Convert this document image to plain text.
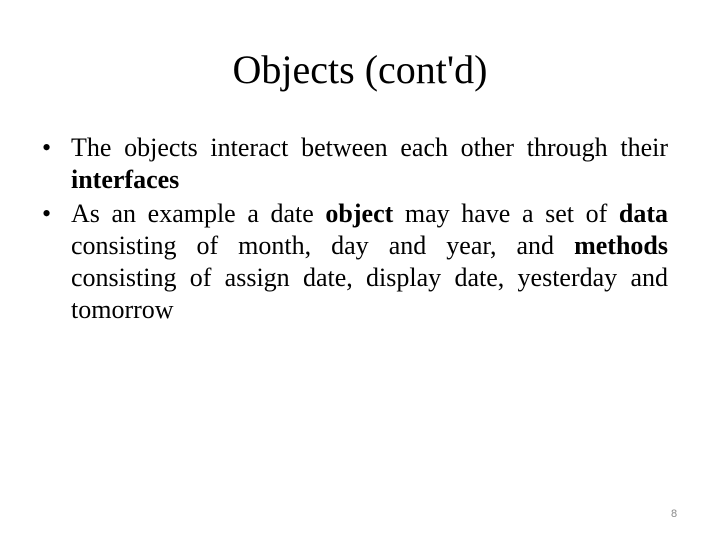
Objects (cont'd)
• The objects interact between each other through their interfaces
• As an example a date object may have a set of data consisting of month, day and year, and methods consisting of assign date, display date, yesterday and tomorrow
8
